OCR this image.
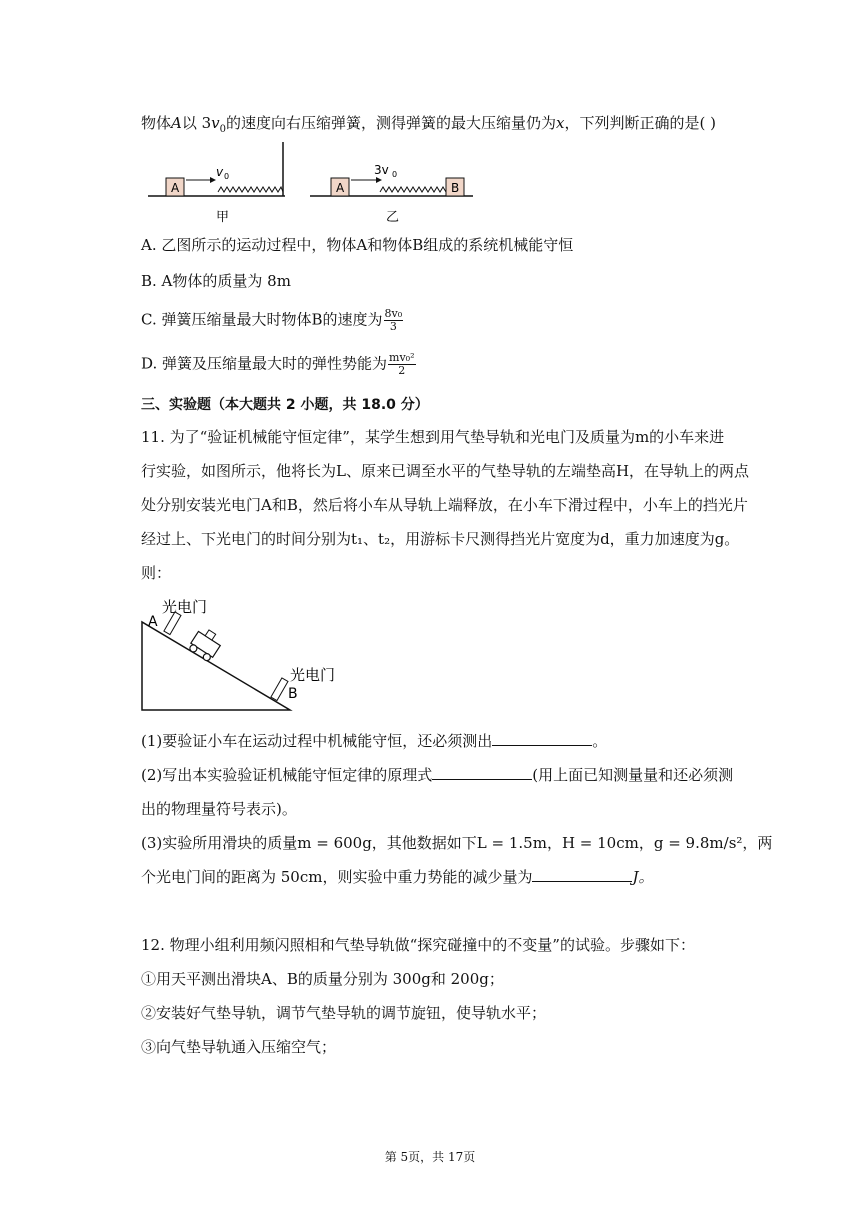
物体A以 $3v_0$的速度向右压缩弹簧，测得弹簧的最大压缩量仍为x，下列判断正确的是( )
A
v 0
甲
A	B
3v 0
乙
A. 乙图所示的运动过程中，物体A和物体B组成的系统机械能守恒
B. A物体的质量为 8m
C. 弹簧压缩量最大时物体B的速度为 $\frac{\text{8v₀}}{3}$
D. 弹簧及压缩量最大时的弹性势能为 $\frac{\text{mv₀²}}{2}$
三、实验题（本大题共 2 小题，共 18.0 分）
11. 为了“验证机械能守恒定律”，某学生想到用气垫导轨和光电门及质量为m的小车来进
行实验，如图所示，他将长为L、原来已调至水平的气垫导轨的左端垫高H，在导轨上的两点
处分别安装光电门A和B，然后将小车从导轨上端释放，在小车下滑过程中，小车上的挡光片
经过上、下光电门的时间分别为t₁、t₂，用游标卡尺测得挡光片宽度为d，重力加速度为g。
则：
光电门
A
光电门
B
(1)要验证小车在运动过程中机械能守恒，还必须测出	。
(2)写出本实验验证机械能守恒定律的原理式	(用上面已知测量量和还必须测
出的物理量符号表示)。
(3)实验所用滑块的质量m = 600g，其他数据如下L = 1.5m，H = 10cm，g = 9.8m/s²，两
个光电门间的距离为 50cm，则实验中重力势能的减少量为	J。
12. 物理小组利用频闪照相和气垫导轨做“探究碰撞中的不变量”的试验。步骤如下：
①用天平测出滑块A、B的质量分别为 300g和 200g；
②安装好气垫导轨，调节气垫导轨的调节旋钮，使导轨水平；
③向气垫导轨通入压缩空气；
第 5页，共 17页
